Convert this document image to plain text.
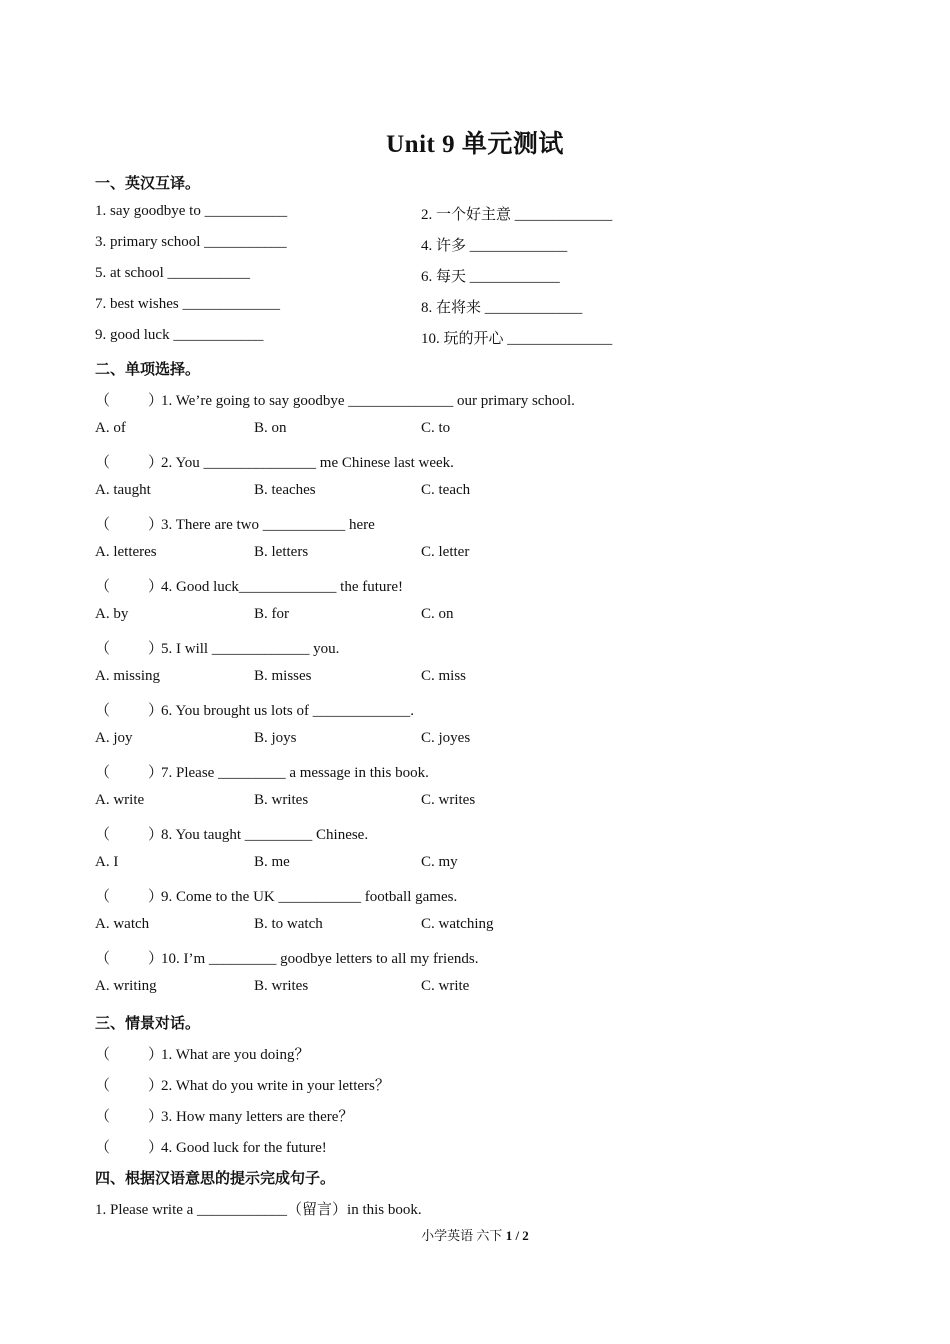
Unit 9 单元测试
一、英汉互译。
1. say goodbye to ___________	2. 一个好主意 _____________
3. primary school ___________	4. 许多 _____________
5. at school ___________	6. 每天 ____________
7. best wishes _____________	8. 在将来 _____________
9. good luck ____________	10. 玩的开心 ______________
二、单项选择。
（	）1. We’re going to say goodbye ______________ our primary school.
A. of	B. on	C. to
（	）2. You _______________ me Chinese last week.
A. taught	B. teaches	C. teach
（	）3. There are two ___________ here
A. letteres	B. letters	C. letter
（	）4. Good luck_____________ the future!
A. by	B. for	C. on
（	）5. I will _____________ you.
A. missing	B. misses	C. miss
（	）6. You brought us lots of _____________.
A. joy	B. joys	C. joyes
（	）7. Please _________ a message in this book.
A. write	B. writes	C. writes
（	）8. You taught _________ Chinese.
A. I	B. me	C. my
（	）9. Come to the UK ___________ football games.
A. watch	B. to watch	C. watching
（	）10. I’m _________ goodbye letters to all my friends.
A. writing	B. writes	C. write
三、情景对话。
（	）1. What are you doing？
（	）2. What do you write in your letters？
（	）3. How many letters are there？
（	）4. Good luck for the future!
四、根据汉语意思的提示完成句子。
1. Please write a ____________（留言）in this book.
小学英语 六下 1 / 2
